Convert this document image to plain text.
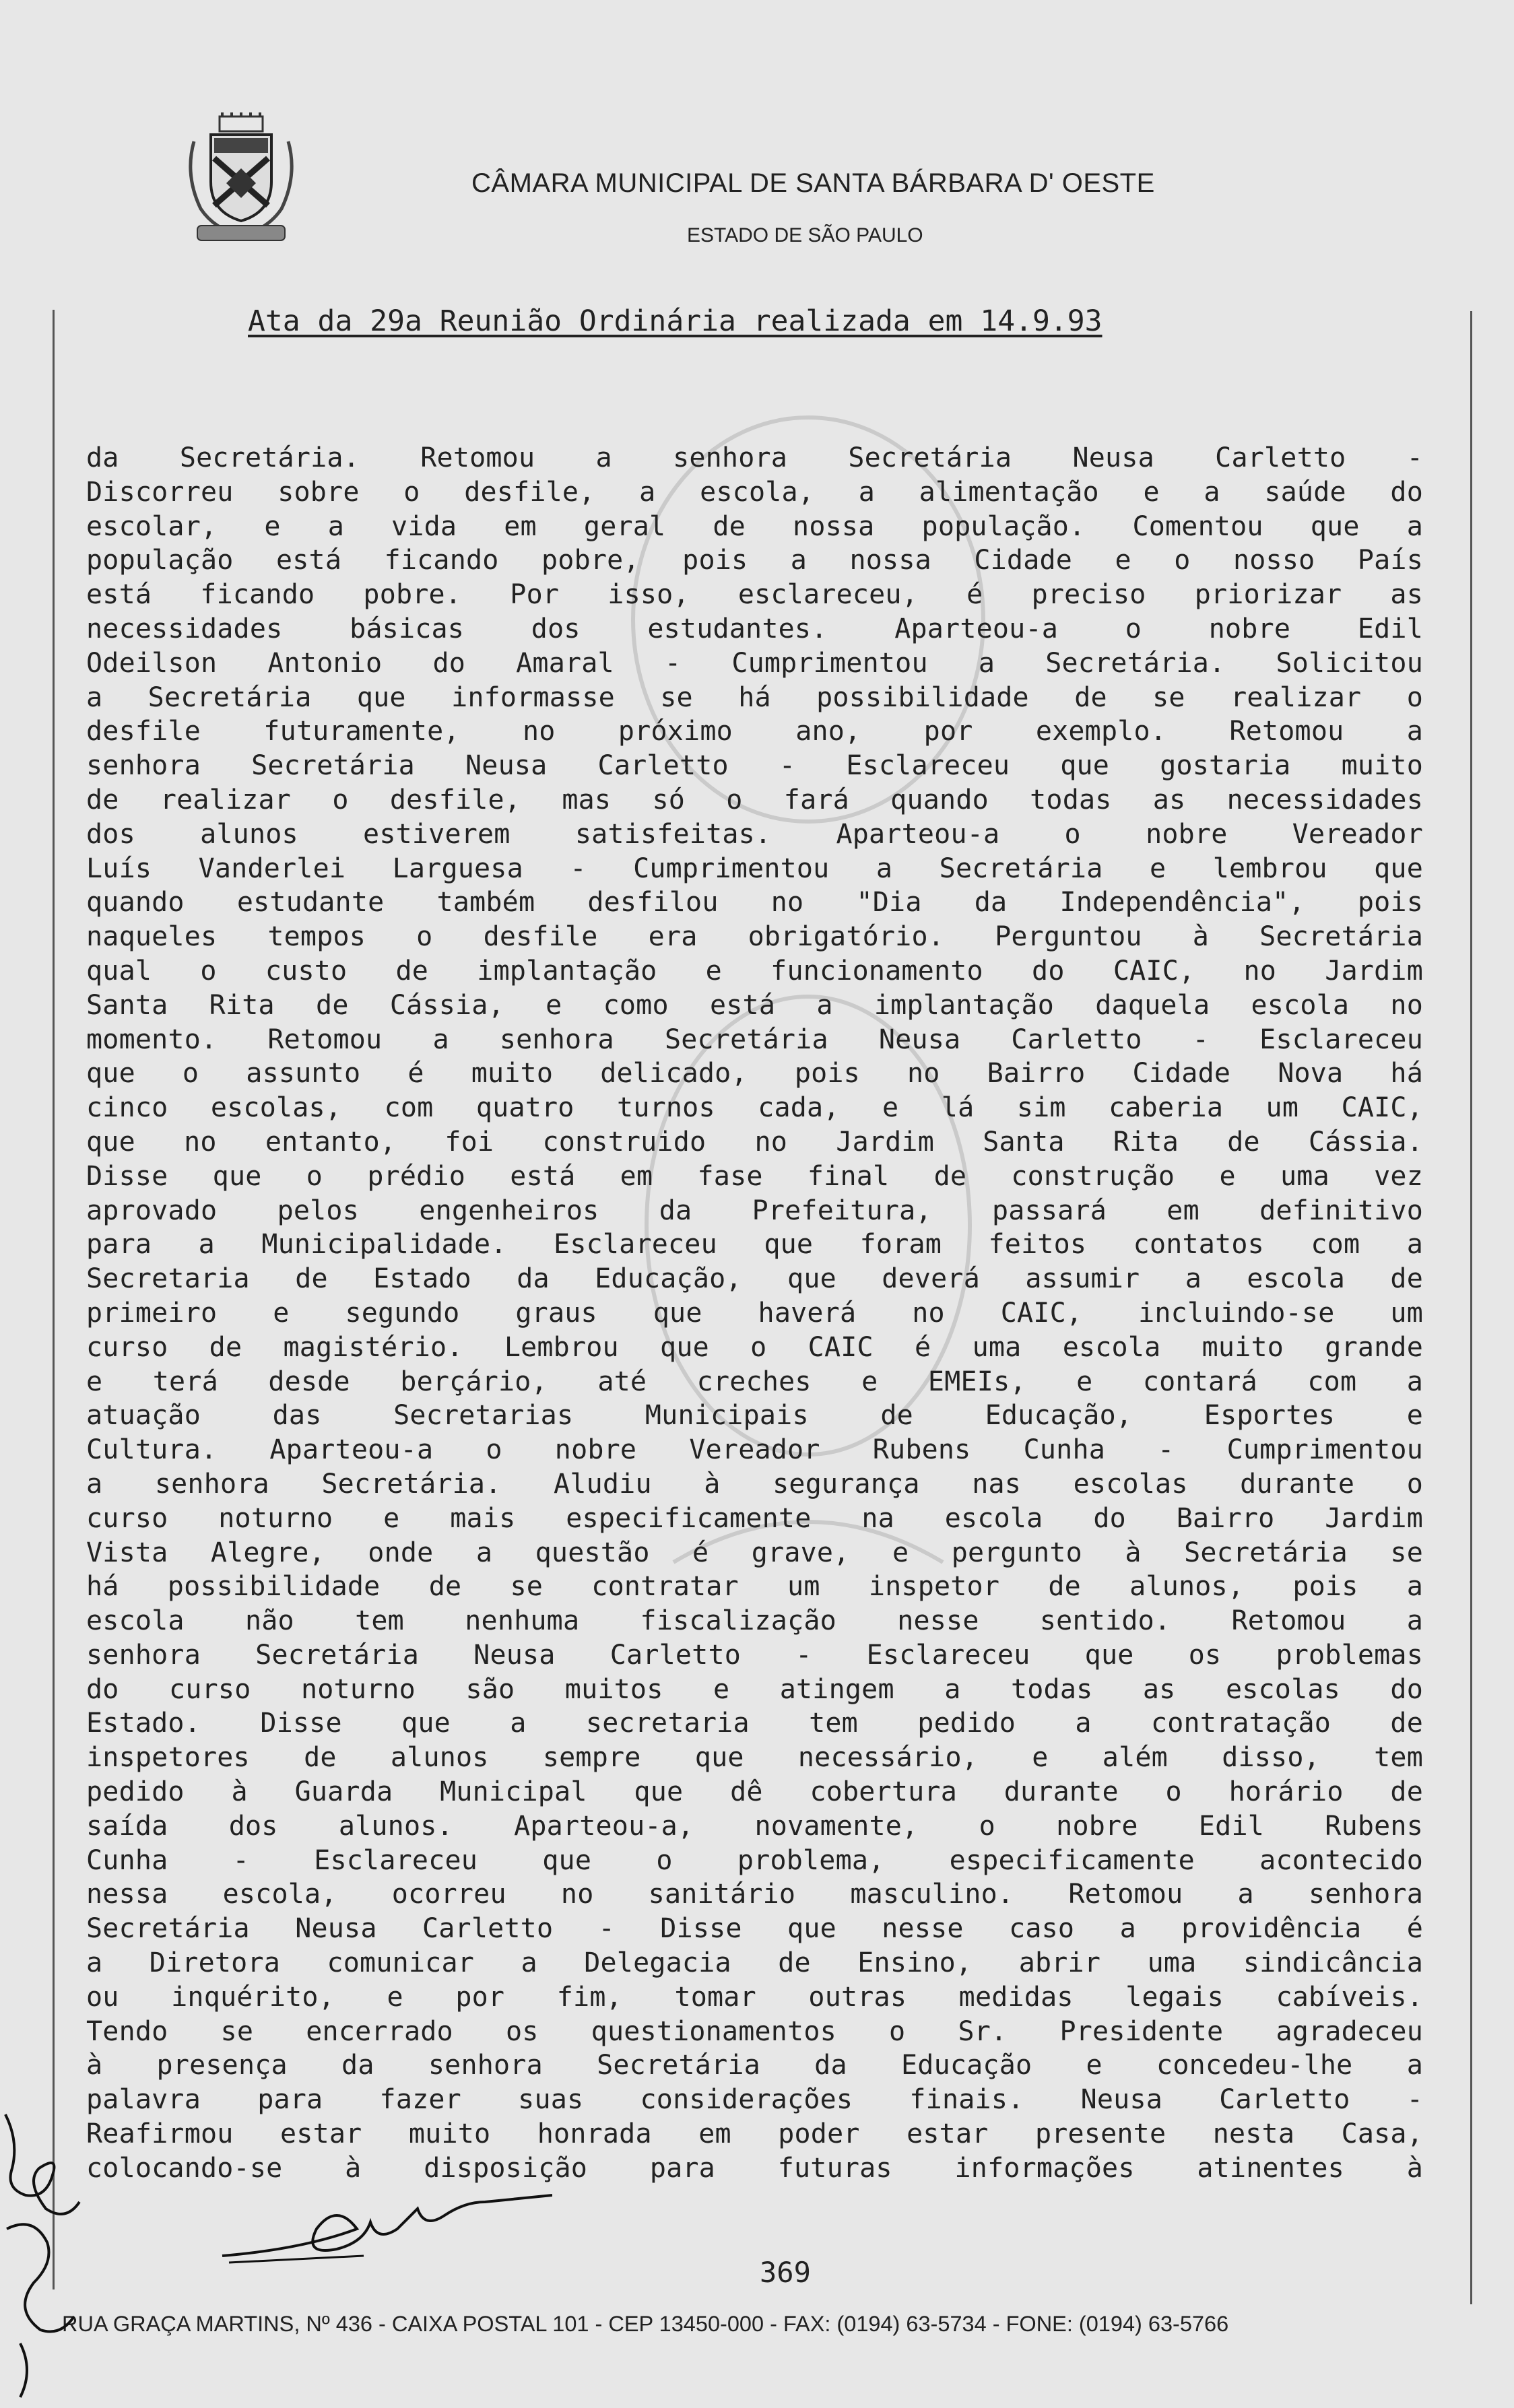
CÂMARA MUNICIPAL DE SANTA BÁRBARA D' OESTE
ESTADO DE SÃO PAULO
Ata da 29a Reunião Ordinária realizada em 14.9.93
da Secretária. Retomou a senhora Secretária Neusa Carletto -
Discorreu sobre o desfile, a escola, a alimentação e a saúde do
escolar, e a vida em geral de nossa população. Comentou que a
população está ficando pobre, pois a nossa Cidade e o nosso País
está ficando pobre. Por isso, esclareceu, é preciso priorizar as
necessidades básicas dos estudantes. Aparteou-a o nobre Edil
Odeilson Antonio do Amaral - Cumprimentou a Secretária. Solicitou
a Secretária que informasse se há possibilidade de se realizar o
desfile futuramente, no próximo ano, por exemplo. Retomou a
senhora Secretária Neusa Carletto - Esclareceu que gostaria muito
de realizar o desfile, mas só o fará quando todas as necessidades
dos alunos estiverem satisfeitas. Aparteou-a o nobre Vereador
Luís Vanderlei Larguesa - Cumprimentou a Secretária e lembrou que
quando estudante também desfilou no "Dia da Independência", pois
naqueles tempos o desfile era obrigatório. Perguntou à Secretária
qual o custo de implantação e funcionamento do CAIC, no Jardim
Santa Rita de Cássia, e como está a implantação daquela escola no
momento. Retomou a senhora Secretária Neusa Carletto - Esclareceu
que o assunto é muito delicado, pois no Bairro Cidade Nova há
cinco escolas, com quatro turnos cada, e lá sim caberia um CAIC,
que no entanto, foi construido no Jardim Santa Rita de Cássia.
Disse que o prédio está em fase final de construção e uma vez
aprovado pelos engenheiros da Prefeitura, passará em definitivo
para a Municipalidade. Esclareceu que foram feitos contatos com a
Secretaria de Estado da Educação, que deverá assumir a escola de
primeiro e segundo graus que haverá no CAIC, incluindo-se um
curso de magistério. Lembrou que o CAIC é uma escola muito grande
e terá desde berçário, até creches e EMEIs, e contará com a
atuação das Secretarias Municipais de Educação, Esportes e
Cultura. Aparteou-a o nobre Vereador Rubens Cunha - Cumprimentou
a senhora Secretária. Aludiu à segurança nas escolas durante o
curso noturno e mais especificamente na escola do Bairro Jardim
Vista Alegre, onde a questão é grave, e pergunto à Secretária se
há possibilidade de se contratar um inspetor de alunos, pois a
escola não tem nenhuma fiscalização nesse sentido. Retomou a
senhora Secretária Neusa Carletto - Esclareceu que os problemas
do curso noturno são muitos e atingem a todas as escolas do
Estado. Disse que a secretaria tem pedido a contratação de
inspetores de alunos sempre que necessário, e além disso, tem
pedido à Guarda Municipal que dê cobertura durante o horário de
saída dos alunos. Aparteou-a, novamente, o nobre Edil Rubens
Cunha - Esclareceu que o problema, especificamente acontecido
nessa escola, ocorreu no sanitário masculino. Retomou a senhora
Secretária Neusa Carletto - Disse que nesse caso a providência é
a Diretora comunicar a Delegacia de Ensino, abrir uma sindicância
ou inquérito, e por fim, tomar outras medidas legais cabíveis.
Tendo se encerrado os questionamentos o Sr. Presidente agradeceu
à presença da senhora Secretária da Educação e concedeu-lhe a
palavra para fazer suas considerações finais. Neusa Carletto -
Reafirmou estar muito honrada em poder estar presente nesta Casa,
colocando-se à disposição para futuras informações atinentes à
369
RUA GRAÇA MARTINS, Nº 436 - CAIXA POSTAL 101 - CEP 13450-000 - FAX: (0194) 63-5734 - FONE: (0194) 63-5766
